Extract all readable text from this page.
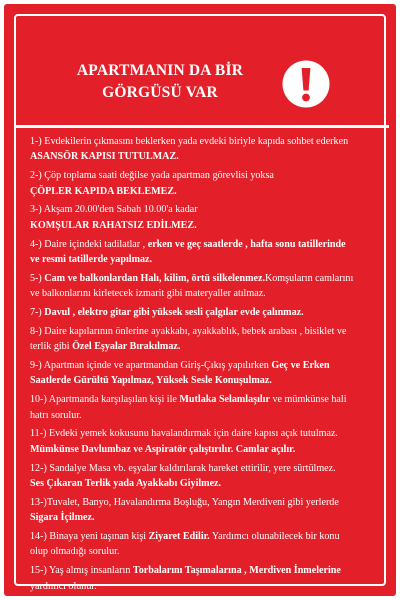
APARTMANIN DA BİR
GÖRGÜSÜ VAR
1-) Evdekilerin çıkmasını beklerken yada evdeki biriyle kapıda sohbet ederken
ASANSÖR KAPISI TUTULMAZ.
2-) Çöp toplama saati değilse yada apartman görevlisi yoksa
ÇÖPLER KAPIDA BEKLEMEZ.
3-) Akşam 20.00'den Sabah 10.00'a kadar
KOMŞULAR RAHATSIZ EDİLMEZ.
4-) Daire içindeki tadilatlar , erken ve geç saatlerde , hafta sonu tatillerinde
ve resmi tatillerde yapılmaz.
5-) Cam ve balkonlardan Halı, kilim, örtü silkelenmez.Komşuların camlarını
ve balkonlarını kirletecek izmarit gibi materyaller atılmaz.
7-) Davul , elektro gitar gibi yüksek sesli çalgılar evde çalınmaz.
8-) Daire kapılarının önlerine ayakkabı, ayakkablık, bebek arabası , bisiklet ve
terlik gibi Özel Eşyalar Bırakılmaz.
9-) Apartman içinde ve apartmandan Giriş-Çıkış yapılırken Geç ve Erken
Saatlerde Gürültü Yapılmaz, Yüksek Sesle Konuşulmaz.
10-) Apartmanda karşılaşılan kişi ile Mutlaka Selamlaşılır ve mümkünse hali
hatrı sorulur.
11-) Evdeki yemek kokusunu havalandırmak için daire kapısı açık tutulmaz.
Mümkünse Davlumbaz ve Aspiratör çalıştırılır. Camlar açılır.
12-) Sandalye Masa vb. eşyalar kaldırılarak hareket ettirilir, yere sürtülmez.
Ses Çıkaran Terlik yada Ayakkabı Giyilmez.
13-)Tuvalet, Banyo, Havalandırma Boşluğu, Yangın Merdiveni gibi yerlerde
Sigara İçilmez.
14-) Binaya yeni taşınan kişi Ziyaret Edilir. Yardımcı olunabilecek bir konu
olup olmadığı sorulur.
15-) Yaş almış insanların Torbalarını Taşımalarına , Merdiven İnmelerine
yardımcı olunur.
